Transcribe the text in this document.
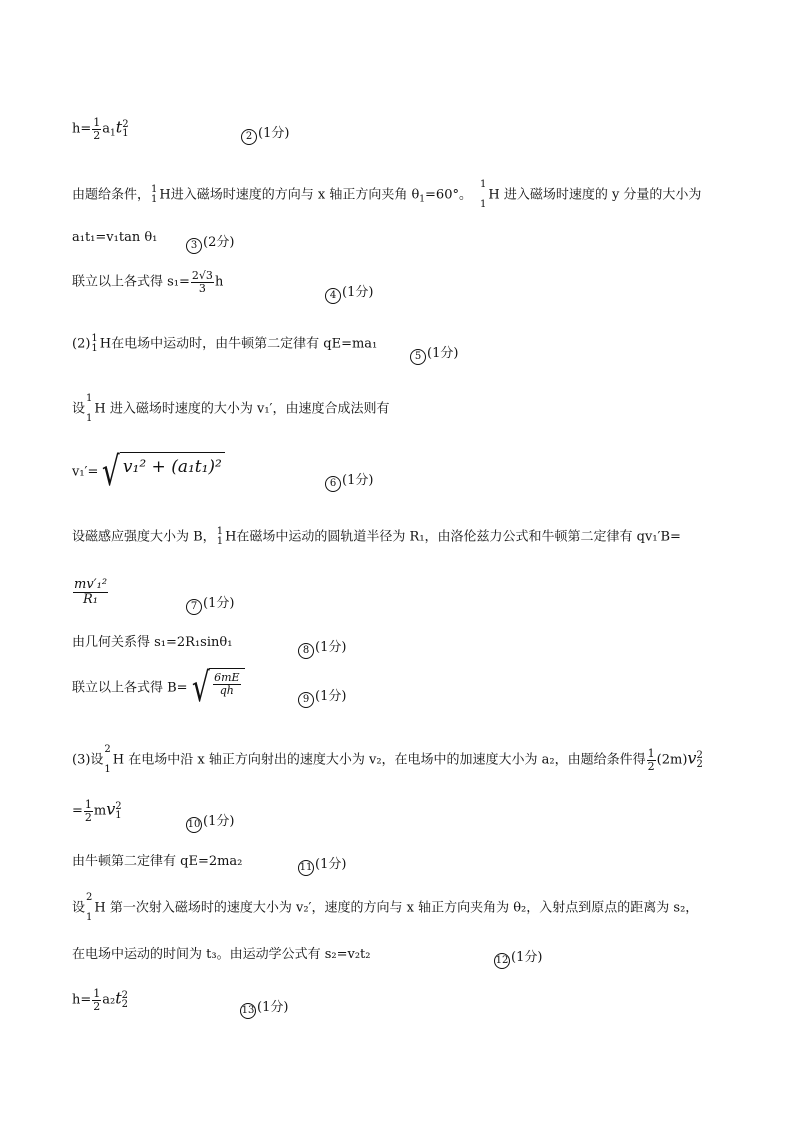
$h= \frac{1}{2} a_1t$ 2
1	2 (1分)
由题给条件， 1
1 H进入磁场时速度的方向与 x 轴正方向夹角 $\theta_1=60^\circ$。
1

1
H 进入磁场时速度的 y 分量的大小为
a₁t₁=v₁tan θ₁
3 (2分)
联立以上各式得 $s_1= \frac{2√3}{3}$ h
4 (1分)
(2) 1
1 H在电场中运动时，由牛顿第二定律有 qE=ma₁
5 (1分)
设
1

1
H 进入磁场时速度的大小为 v₁′，由速度合成法则有
v₁′= √ v₁² + (a₁t₁)²
6 (1分)
设磁感应强度大小为 B， 1
1 H在磁场中运动的圆轨道半径为 R₁，由洛伦兹力公式和牛顿第二定律有 qv₁′B=
$\frac{\text{mv′₁²}}{\text{R₁}}$
7 (1分)
由几何关系得 s₁=2R₁sinθ₁
8 (1分)
联立以上各式得 B= √ $\frac{6mE}{qh}$
9 (1分)
(3)设
2

1
H 在电场中沿 x 轴正方向射出的速度大小为 v₂，在电场中的加速度大小为 a₂，由题给条件得 $\frac{1}{2} (2m)v$ 2
2
= $\frac{1}{2}$ mv 2
1
10 (1分)
由牛顿第二定律有 qE=2ma₂	11 (1分)
设
2

1
H 第一次射入磁场时的速度大小为 v₂′，速度的方向与 x 轴正方向夹角为 θ₂，入射点到原点的距离为 s₂，
在电场中运动的时间为 t₃。由运动学公式有 s₂=v₂t₂	12 (1分)
$h= \frac{1}{2} a_2t$ 2
2
13 (1分)
